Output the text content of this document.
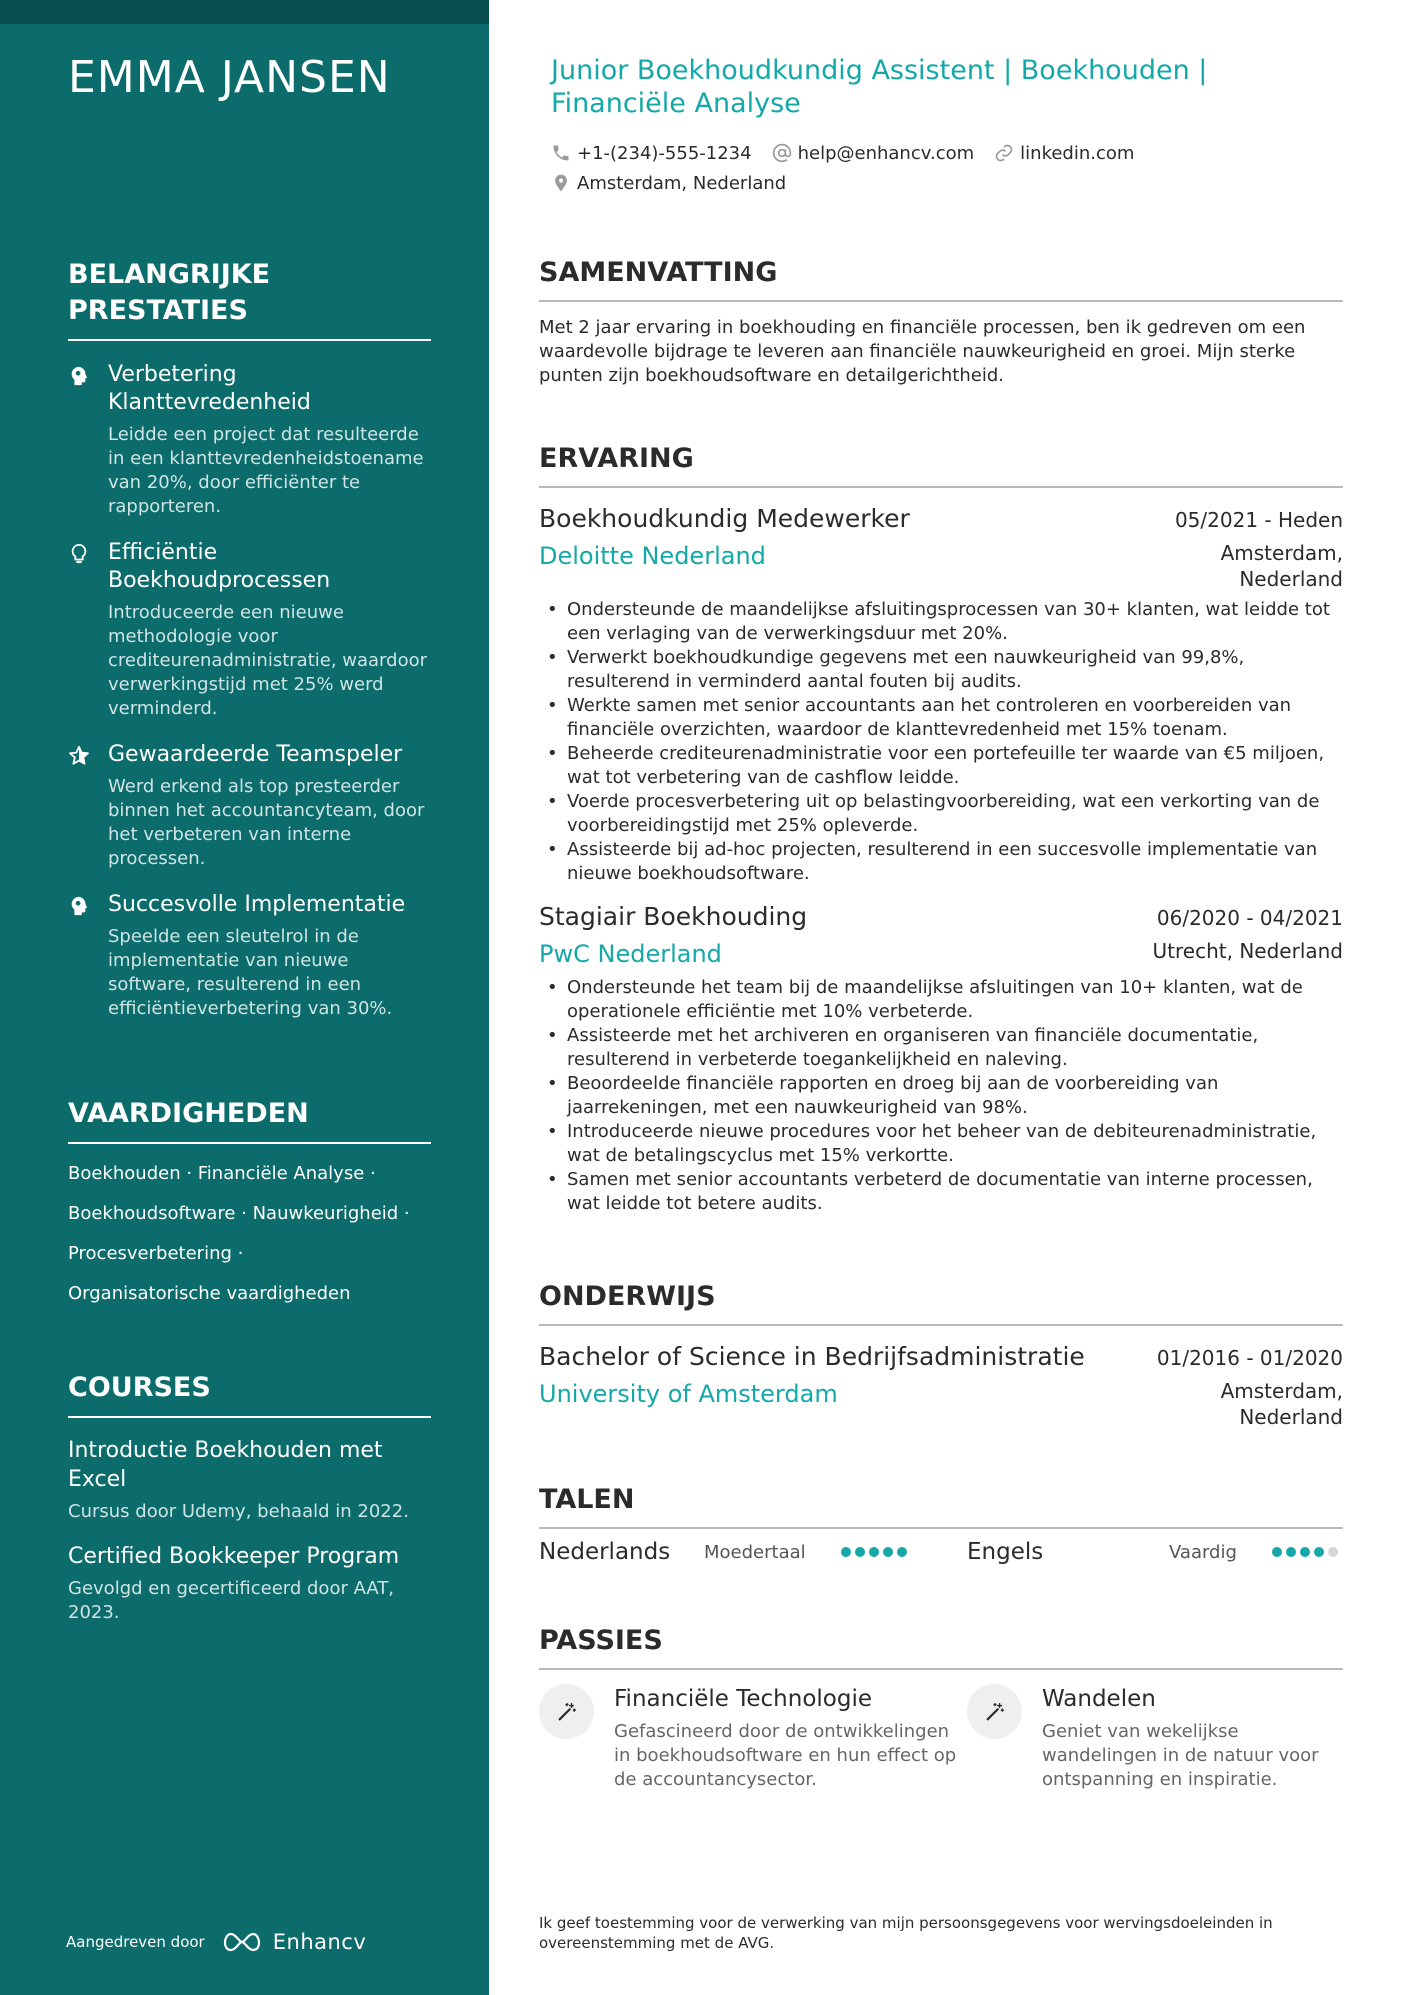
EMMA JANSEN
BELANGRIJKE PRESTATIES
Verbetering Klanttevredenheid
Leidde een project dat resulteerde in een klanttevredenheidstoename van 20%, door efficiënter te rapporteren.
Efficiëntie Boekhoudprocessen
Introduceerde een nieuwe methodologie voor crediteurenadministratie, waardoor verwerkingstijd met 25% werd verminderd.
Gewaardeerde Teamspeler
Werd erkend als top presteerder binnen het accountancyteam, door het verbeteren van interne processen.
Succesvolle Implementatie
Speelde een sleutelrol in de implementatie van nieuwe software, resulterend in een efficiëntieverbetering van 30%.
VAARDIGHEDEN
Boekhouden · Financiële Analyse ·
Boekhoudsoftware · Nauwkeurigheid ·
Procesverbetering ·
Organisatorische vaardigheden
COURSES
Introductie Boekhouden met Excel
Cursus door Udemy, behaald in 2022.
Certified Bookkeeper Program
Gevolgd en gecertificeerd door AAT, 2023.
Aangedreven door	Enhancv
Junior Boekhoudkundig Assistent | Boekhouden | Financiële Analyse
+1-(234)-555-1234	help@enhancv.com	linkedin.com
Amsterdam, Nederland
SAMENVATTING

Met 2 jaar ervaring in boekhouding en financiële processen, ben ik gedreven om een waardevolle bijdrage te leveren aan financiële nauwkeurigheid en groei. Mijn sterke punten zijn boekhoudsoftware en detailgerichtheid.

ERVARING
Boekhoudkundig Medewerker	05/2021 - Heden
Deloitte Nederland	Amsterdam, Nederland
• Ondersteunde de maandelijkse afsluitingsprocessen van 30+ klanten, wat leidde tot een verlaging van de verwerkingsduur met 20%.
• Verwerkt boekhoudkundige gegevens met een nauwkeurigheid van 99,8%, resulterend in verminderd aantal fouten bij audits.
• Werkte samen met senior accountants aan het controleren en voorbereiden van financiële overzichten, waardoor de klanttevredenheid met 15% toenam.
• Beheerde crediteurenadministratie voor een portefeuille ter waarde van €5 miljoen, wat tot verbetering van de cashflow leidde.
• Voerde procesverbetering uit op belastingvoorbereiding, wat een verkorting van de voorbereidingstijd met 25% opleverde.
• Assisteerde bij ad-hoc projecten, resulterend in een succesvolle implementatie van nieuwe boekhoudsoftware.
Stagiair Boekhouding	06/2020 - 04/2021
PwC Nederland	Utrecht, Nederland
• Ondersteunde het team bij de maandelijkse afsluitingen van 10+ klanten, wat de operationele efficiëntie met 10% verbeterde.
• Assisteerde met het archiveren en organiseren van financiële documentatie, resulterend in verbeterde toegankelijkheid en naleving.
• Beoordeelde financiële rapporten en droeg bij aan de voorbereiding van jaarrekeningen, met een nauwkeurigheid van 98%.
• Introduceerde nieuwe procedures voor het beheer van de debiteurenadministratie, wat de betalingscyclus met 15% verkortte.
• Samen met senior accountants verbeterd de documentatie van interne processen, wat leidde tot betere audits.
ONDERWIJS
Bachelor of Science in Bedrijfsadministratie	01/2016 - 01/2020
University of Amsterdam	Amsterdam, Nederland
TALEN
Nederlands	Moedertaal	Engels	Vaardig
PASSIES
Financiële Technologie
Gefascineerd door de ontwikkelingen in boekhoudsoftware en hun effect op de accountancysector.
Wandelen
Geniet van wekelijkse wandelingen in de natuur voor ontspanning en inspiratie.

Ik geef toestemming voor de verwerking van mijn persoonsgegevens voor wervingsdoeleinden in overeenstemming met de AVG.
